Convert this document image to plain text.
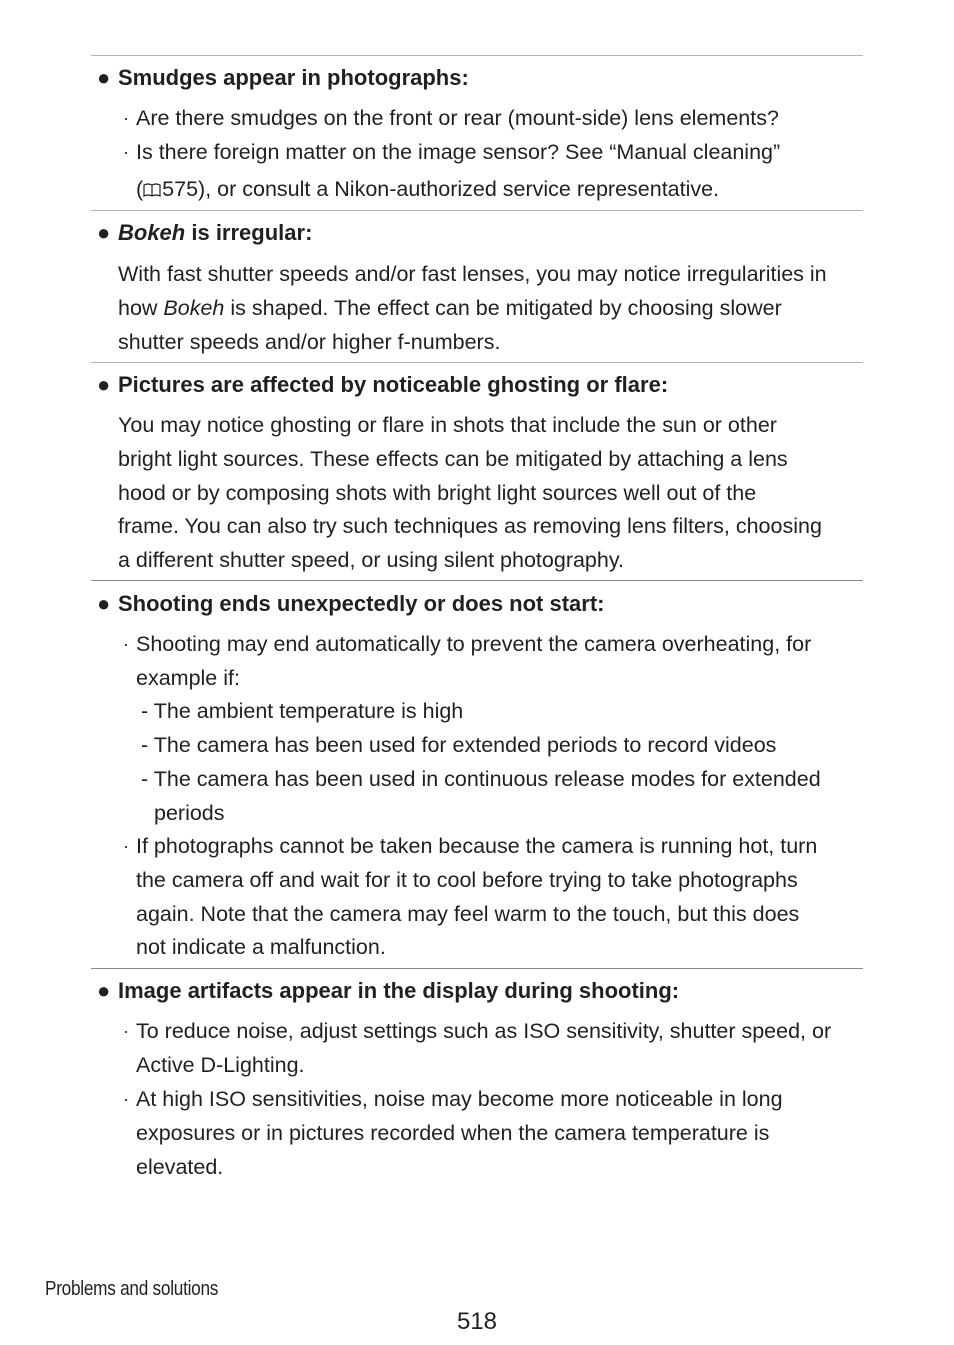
● Smudges appear in photographs:
· Are there smudges on the front or rear (mount-side) lens elements?
· Is there foreign matter on the image sensor? See “Manual cleaning”
( 575), or consult a Nikon-authorized service representative.
● Bokeh is irregular:
With fast shutter speeds and/or fast lenses, you may notice irregularities in
how Bokeh is shaped. The effect can be mitigated by choosing slower
shutter speeds and/or higher f-numbers.
● Pictures are affected by noticeable ghosting or flare:
You may notice ghosting or flare in shots that include the sun or other
bright light sources. These effects can be mitigated by attaching a lens
hood or by composing shots with bright light sources well out of the
frame. You can also try such techniques as removing lens filters, choosing
a different shutter speed, or using silent photography.
● Shooting ends unexpectedly or does not start:
· Shooting may end automatically to prevent the camera overheating, for
example if:
- The ambient temperature is high
- The camera has been used for extended periods to record videos
- The camera has been used in continuous release modes for extended
periods
· If photographs cannot be taken because the camera is running hot, turn
the camera off and wait for it to cool before trying to take photographs
again. Note that the camera may feel warm to the touch, but this does
not indicate a malfunction.
● Image artifacts appear in the display during shooting:
· To reduce noise, adjust settings such as ISO sensitivity, shutter speed, or
Active D-Lighting.
· At high ISO sensitivities, noise may become more noticeable in long
exposures or in pictures recorded when the camera temperature is
elevated.
Problems and solutions
518
